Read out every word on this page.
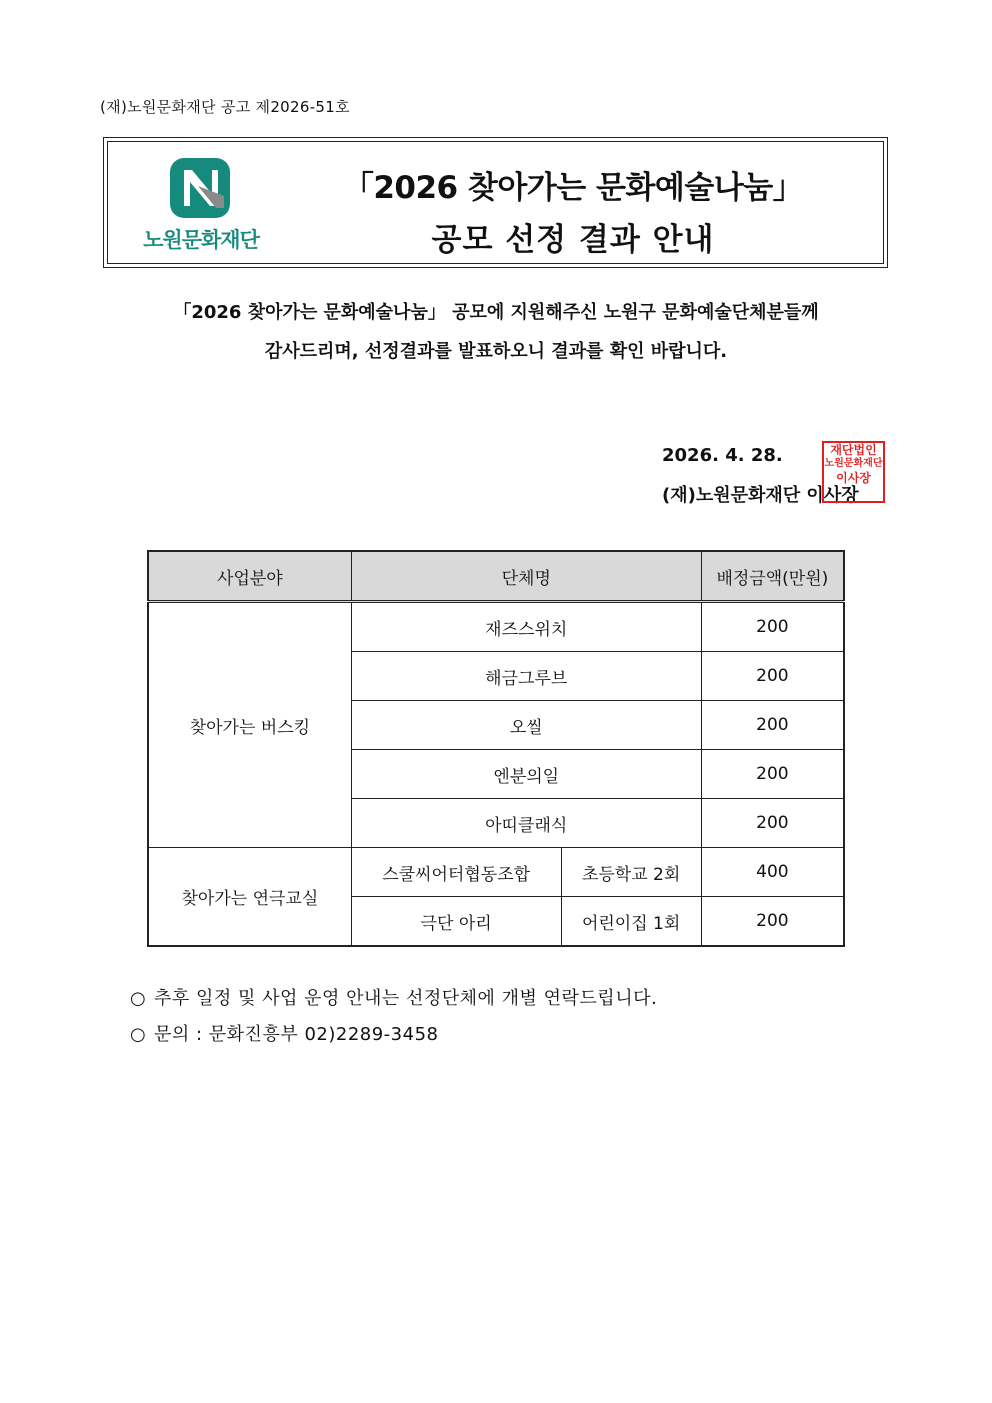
(재)노원문화재단 공고 제2026-51호
노원문화재단
「2026 찾아가는 문화예술나눔」
공모 선정 결과 안내
「2026 찾아가는 문화예술나눔」 공모에 지원해주신 노원구 문화예술단체분들께
감사드리며, 선정결과를 발표하오니 결과를 확인 바랍니다.
2026. 4. 28.
(재)노원문화재단 이사장
재단법인
노원문화재단
이사장
사업분야	단체명		배정금액(만원)
찾아가는 버스킹	재즈스위치		200
	해금그루브		200
	오씰		200
	엔분의일		200
	아띠클래식		200
찾아가는 연극교실	스쿨씨어터협동조합	초등학교 2회	400
	극단 아리	어린이집 1회	200
○ 추후 일정 및 사업 운영 안내는 선정단체에 개별 연락드립니다.
○ 문의 : 문화진흥부 02)2289-3458
